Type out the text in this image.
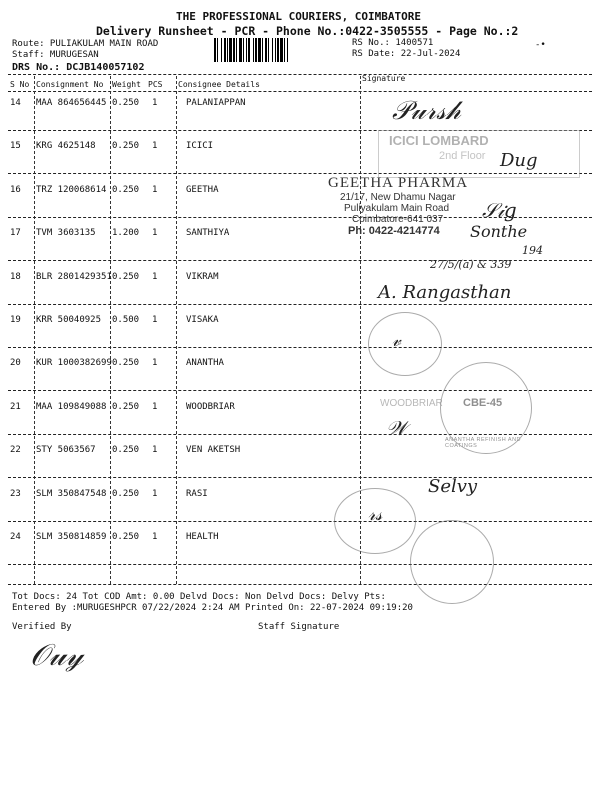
THE PROFESSIONAL COURIERS, COIMBATORE
Delivery Runsheet - PCR - Phone No.:0422-3505555 - Page No.:2
Route: PULIAKULAM MAIN ROAD
Staff: MURUGESAN
DRS No.: DCJB140057102
RS No.: 1400571
RS Date: 22-Jul-2024
-•
S No Consignment No Weight PCS Consignee Details
Signature
14 MAA 864656445 0.250 1	PALANIAPPAN
15 KRG 4625148 0.250 1	ICICI
16 TRZ 120068614 0.250 1	GEETHA
17 TVM 3603135 1.200 1	SANTHIYA
18 BLR 2801429351 0.250 1	VIKRAM
19 KRR 50040925 0.500 1	VISAKA
20 KUR 1000382699 0.250 1	ANANTHA
21 MAA 109849088 0.250 1	WOODBRIAR
22 STY 5063567 0.250 1	VEN AKETSH
23 SLM 350847548 0.250 1	RASI
24 SLM 350814859 0.250 1	HEALTH
𝒫𝓊𝓇𝓈𝒽
ICICI LOMBARD
2nd Floor Dug
GEETHA PHARMA
21/17, New Dhamu Nagar
Puliyakulam Main Road
Coimbatore-641 037
Ph: 0422-4214774
𝒮𝒾𝑔
Sonthe
194
27/5/(a) & 339
A. Rangasthan
𝓋
CBE-45
ANANTHA REFINISH AND COATINGS
WOODBRIAR
𝒲
Selvy
𝓇𝓈
Tot Docs: 24 Tot COD Amt: 0.00 Delvd Docs: Non Delvd Docs: Delvy Pts:
Entered By :MURUGESHPCR 07/22/2024 2:24 AM Printed On: 22-07-2024 09:19:20
Verified By	Staff Signature
𝒪𝓊𝓎
